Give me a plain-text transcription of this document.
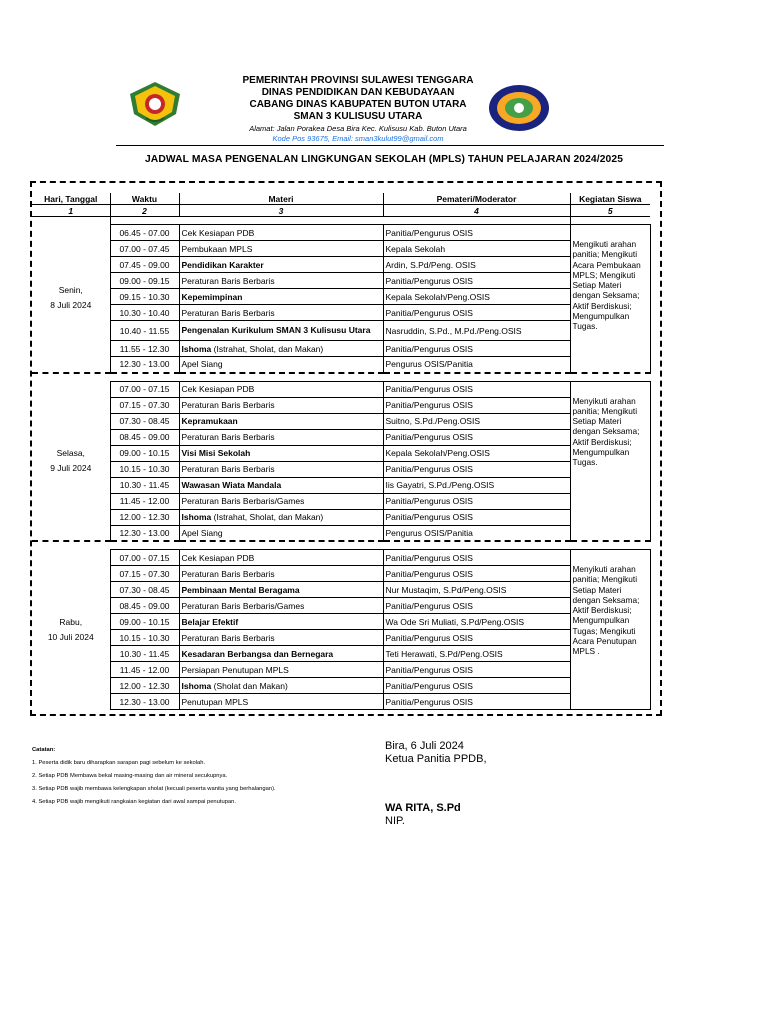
PEMERINTAH PROVINSI SULAWESI TENGGARA
DINAS PENDIDIKAN DAN KEBUDAYAAN
CABANG DINAS KABUPATEN BUTON UTARA
SMAN 3 KULISUSU UTARA
Alamat: Jalan Porakea Desa Bira Kec. Kulisusu Kab. Buton Utara
Kode Pos 93675, Email: sman3kulut99@gmail.com
JADWAL MASA PENGENALAN LINGKUNGAN SEKOLAH (MPLS) TAHUN PELAJARAN 2024/2025
Hari, Tanggal	Waktu	Materi	Pemateri/Moderator	Kegiatan Siswa
1	2	3	4	5

Senin,
8 Juli 2024	06.45 - 07.00	Cek Kesiapan PDB	Panitia/Pengurus OSIS	Mengikuti arahan panitia; Mengikuti Acara Pembukaan MPLS; Mengikuti Setiap Materi dengan Seksama; Aktif Berdiskusi; Mengumpulkan Tugas.
	07.00 - 07.45	Pembukaan MPLS	Kepala Sekolah	
	07.45 - 09.00	Pendidikan Karakter	Ardin, S.Pd/Peng. OSIS	
	09.00 - 09.15	Peraturan Baris Berbaris	Panitia/Pengurus OSIS	
	09.15 - 10.30	Kepemimpinan	Kepala Sekolah/Peng.OSIS	
	10.30 - 10.40	Peraturan Baris Berbaris	Panitia/Pengurus OSIS	
	10.40 - 11.55	Pengenalan Kurikulum SMAN 3 Kulisusu Utara	Nasruddin, S.Pd., M.Pd./Peng.OSIS	
	11.55 - 12.30	Ishoma (Istrahat, Sholat, dan Makan)	Panitia/Pengurus OSIS	
	12.30 - 13.00	Apel Siang	Pengurus OSIS/Panitia	

Selasa,
9 Juli 2024	07.00 - 07.15	Cek Kesiapan PDB	Panitia/Pengurus OSIS	Menyikuti arahan panitia; Mengikuti Setiap Materi dengan Seksama; Aktif Berdiskusi; Mengumpulkan Tugas.
	07.15 - 07.30	Peraturan Baris Berbaris	Panitia/Pengurus OSIS	
	07.30 - 08.45	Kepramukaan	Suitno, S.Pd./Peng.OSIS	
	08.45 - 09.00	Peraturan Baris Berbaris	Panitia/Pengurus OSIS	
	09.00 - 10.15	Visi Misi Sekolah	Kepala Sekolah/Peng.OSIS	
	10.15 - 10.30	Peraturan Baris Berbaris	Panitia/Pengurus OSIS	
	10.30 - 11.45	Wawasan Wiata Mandala	Iis Gayatri, S.Pd./Peng.OSIS	
	11.45 - 12.00	Peraturan Baris Berbaris/Games	Panitia/Pengurus OSIS	
	12.00 - 12.30	Ishoma (Istrahat, Sholat, dan Makan)	Panitia/Pengurus OSIS	
	12.30 - 13.00	Apel Siang	Pengurus OSIS/Panitia	

Rabu,
10 Juli 2024	07.00 - 07.15	Cek Kesiapan PDB	Panitia/Pengurus OSIS	Menyikuti arahan panitia; Mengikuti Setiap Materi dengan Seksama; Aktif Berdiskusi; Mengumpulkan Tugas; Mengikuti Acara Penutupan MPLS .
	07.15 - 07.30	Peraturan Baris Berbaris	Panitia/Pengurus OSIS	
	07.30 - 08.45	Pembinaan Mental Beragama	Nur Mustaqim, S.Pd/Peng.OSIS	
	08.45 - 09.00	Peraturan Baris Berbaris/Games	Panitia/Pengurus OSIS	
	09.00 - 10.15	Belajar Efektif	Wa Ode Sri Muliati, S.Pd/Peng.OSIS	
	10.15 - 10.30	Peraturan Baris Berbaris	Panitia/Pengurus OSIS	
	10.30 - 11.45	Kesadaran Berbangsa dan Bernegara	Teti Herawati, S.Pd/Peng.OSIS	
	11.45 - 12.00	Persiapan Penutupan MPLS	Panitia/Pengurus OSIS	
	12.00 - 12.30	Ishoma (Sholat dan Makan)	Panitia/Pengurus OSIS	
	12.30 - 13.00	Penutupan MPLS	Panitia/Pengurus OSIS	
Catatan:
1. Peserta didik baru diharapkan sarapan pagi sebelum ke sekolah.
2. Setiap PDB Membawa bekal masing-masing dan air mineral secukupnya.
3. Setiap PDB wajib membawa kelengkapan sholat (kecuali peserta wanita yang berhalangan).
4. Setiap PDB wajib mengikuti rangkaian kegiatan dari awal sampai penutupan.
Bira, 6 Juli 2024
Ketua Panitia PPDB,
WA RITA, S.Pd
NIP.
